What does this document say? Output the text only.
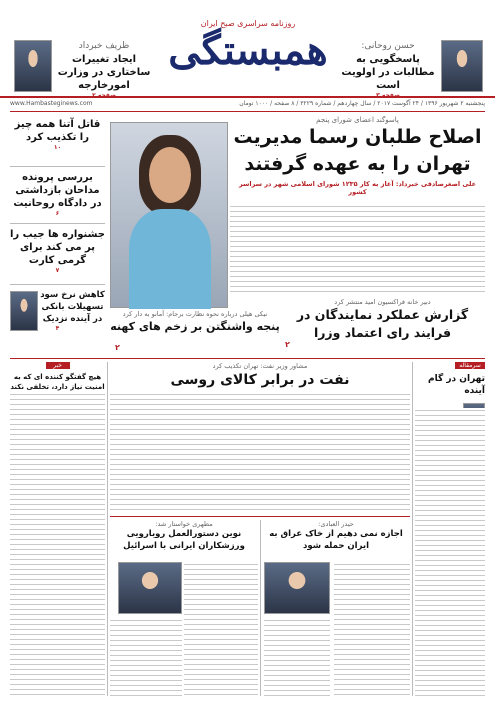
ظریف خبرداد
ایجاد تغییرات ساختاری در وزارت امورخارجه
صفحه ۲
روزنامه سراسری صبح ایران
همبستگی	حسن روحانی:
پاسخگویی به مطالبات در اولویت است
صفحه ۳
پنجشنبه ۲ شهریور ۱۳۹۶ / ۲۴ آگوست ۲۰۱۷ / سال چهاردهم / شماره ۳۲۲۹ / ۸ صفحه / ۱۰۰۰ تومان
www.Hambasteginews.com
پاسوگند اعضای شورای پنجم
اصلاح طلبان رسما مدیریت تهران را به عهده گرفتند
علی اصغرصادقی خبرداد: آغاز به کار ۱۲۳۵ شورای اسلامی شهر در سراسر کشور
دبیر خانه فراکسیون امید منتشر کرد
گزارش عملکرد نمایندگان در فرایند رای اعتماد وزرا
۲
نیکی هیلی درباره نحوه نظارت برجام: آمانو به دار کرد
پنجه واشنگتن بر زخم های کهنه
۲
قاتل آتنا همه چیز را تکذیب کرد
۱۰
بررسی پرونده مداحان بازداشتی در دادگاه روحانیت
۶
جشنواره ها جیب را پر می کند برای گرمی کارت
۷
کاهش نرخ سود تسهیلات بانکی در آینده نزدیک
۴
مشاور وزیر نفت: تهران تکذیب کرد
نفت در برابر کالای روسی
سرمقاله
تهران در گام آینده
خبر
هیچ گفتگو کننده ای که به امنیت نیاز دارد، تخلفی نکند
مطهری خواستار شد:
نوین دستورالعمل رویارویی ورزشکاران ایرانی با اسرائیل
حیدر العبادی:
اجازه نمی دهیم از خاک عراق به ایران حمله شود
